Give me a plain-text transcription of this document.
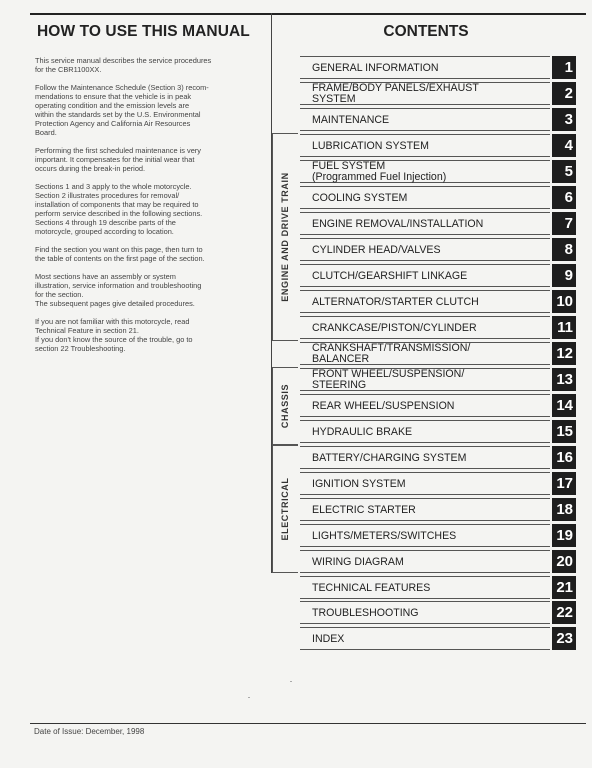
HOW TO USE THIS MANUAL	CONTENTS

This service manual describes the service procedures
for the CBR1100XX.

Follow the Maintenance Schedule (Section 3) recom-
mendations to ensure that the vehicle is in peak
operating condition and the emission levels are
within the standards set by the U.S. Environmental
Protection Agency and California Air Resources
Board.

Performing the first scheduled maintenance is very
important. It compensates for the initial wear that
occurs during the break-in period.

Sections 1 and 3 apply to the whole motorcycle.
Section 2 illustrates procedures for removal/
installation of components that may be required to
perform service described in the following sections.
Sections 4 through 19 describe parts of the
motorcycle, grouped according to location.

Find the section you want on this page, then turn to
the table of contents on the first page of the section.

Most sections have an assembly or system
illustration, service information and troubleshooting
for the section.
The subsequent pages give detailed procedures.

If you are not familiar with this motorcycle, read
Technical Feature in section 21.
If you don't know the source of the trouble, go to
section 22 Troubleshooting.

ENGINE AND DRIVE TRAIN
CHASSIS
ELECTRICAL
GENERAL INFORMATION	1
FRAME/BODY PANELS/EXHAUST
SYSTEM	2
MAINTENANCE	3
LUBRICATION SYSTEM	4
FUEL SYSTEM
(Programmed Fuel Injection)	5
COOLING SYSTEM	6
ENGINE REMOVAL/INSTALLATION	7
CYLINDER HEAD/VALVES	8
CLUTCH/GEARSHIFT LINKAGE	9
ALTERNATOR/STARTER CLUTCH	10
CRANKCASE/PISTON/CYLINDER	11
CRANKSHAFT/TRANSMISSION/
BALANCER	12
FRONT WHEEL/SUSPENSION/
STEERING	13
REAR WHEEL/SUSPENSION	14
HYDRAULIC BRAKE	15
BATTERY/CHARGING SYSTEM	16
IGNITION SYSTEM	17
ELECTRIC STARTER	18
LIGHTS/METERS/SWITCHES	19
WIRING DIAGRAM	20
TECHNICAL FEATURES	21
TROUBLESHOOTING	22
INDEX	23
Date of Issue: December, 1998
